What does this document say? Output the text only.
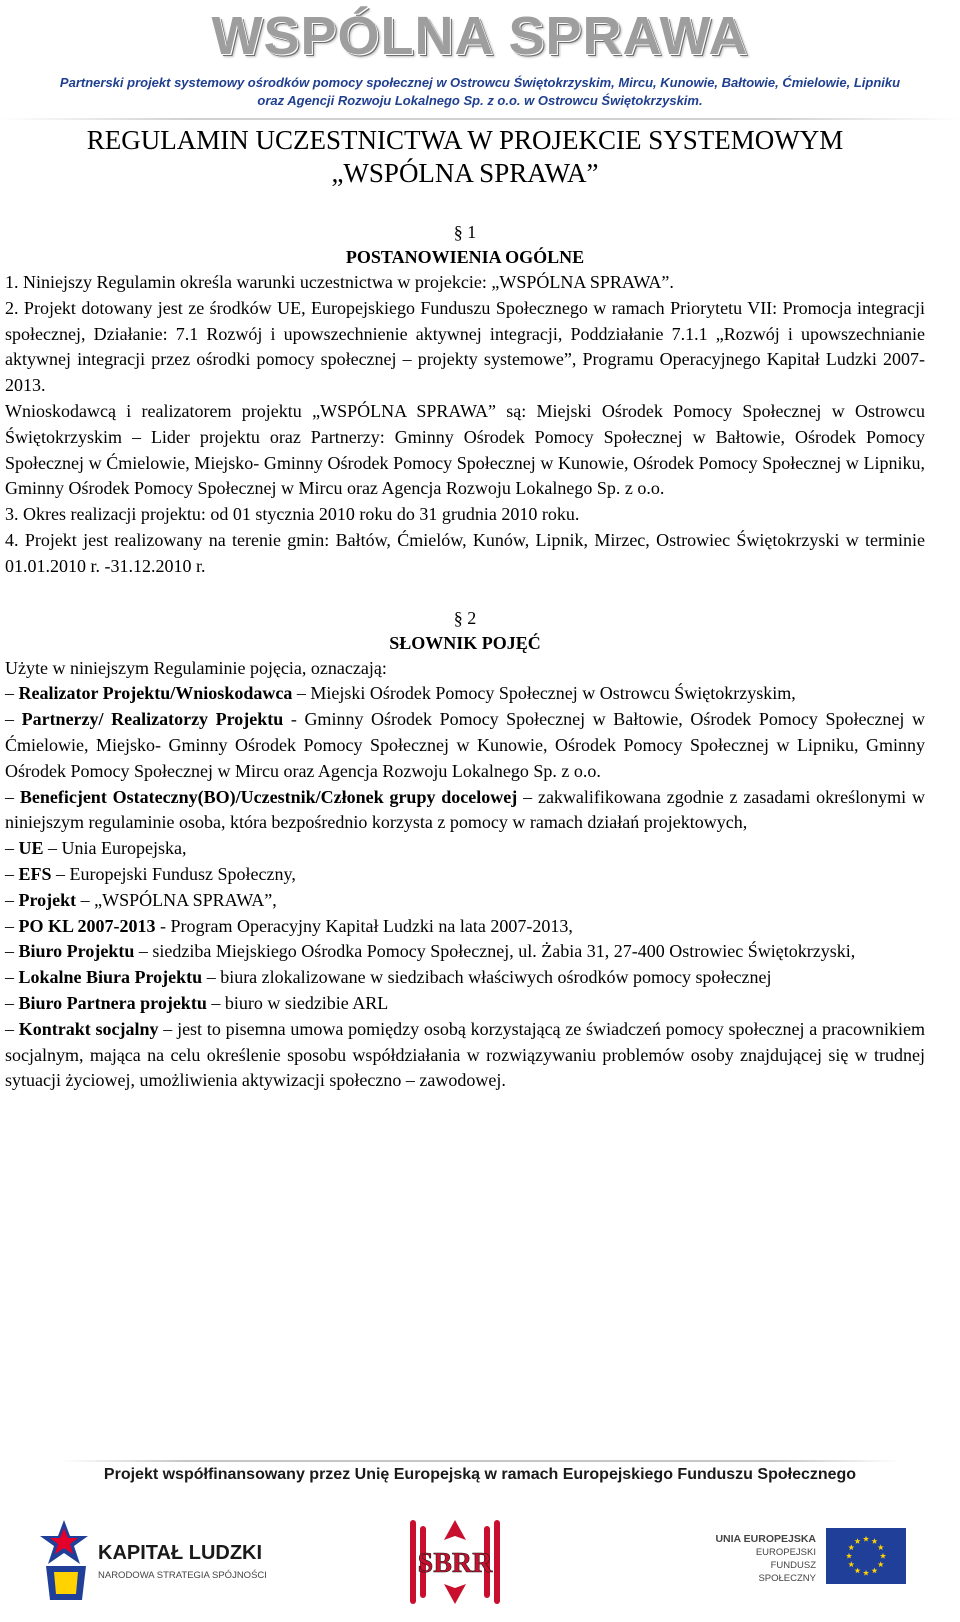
WSPÓLNA SPRAWA
Partnerski projekt systemowy ośrodków pomocy społecznej w Ostrowcu Świętokrzyskim, Mircu, Kunowie, Bałtowie, Ćmielowie, Lipniku
oraz Agencji Rozwoju Lokalnego Sp. z o.o. w Ostrowcu Świętokrzyskim.
REGULAMIN UCZESTNICTWA W PROJEKCIE SYSTEMOWYM
„WSPÓLNA SPRAWA”
§ 1
POSTANOWIENIA OGÓLNE

1. Niniejszy Regulamin określa warunki uczestnictwa w projekcie: „WSPÓLNA SPRAWA”.

2. Projekt dotowany jest ze środków UE, Europejskiego Funduszu Społecznego w ramach Priorytetu VII: Promocja integracji społecznej, Działanie: 7.1 Rozwój i upowszechnienie aktywnej integracji, Poddziałanie 7.1.1 „Rozwój i upowszechnianie aktywnej integracji przez ośrodki pomocy społecznej – projekty systemowe”, Programu Operacyjnego Kapitał Ludzki 2007-2013.

Wnioskodawcą i realizatorem projektu „WSPÓLNA SPRAWA” są: Miejski Ośrodek Pomocy Społecznej w Ostrowcu Świętokrzyskim – Lider projektu oraz Partnerzy: Gminny Ośrodek Pomocy Społecznej w Bałtowie, Ośrodek Pomocy Społecznej w Ćmielowie, Miejsko- Gminny Ośrodek Pomocy Społecznej w Kunowie, Ośrodek Pomocy Społecznej w Lipniku, Gminny Ośrodek Pomocy Społecznej w Mircu oraz Agencja Rozwoju Lokalnego Sp. z o.o.

3. Okres realizacji projektu: od 01 stycznia 2010 roku do 31 grudnia 2010 roku.

4. Projekt jest realizowany na terenie gmin: Bałtów, Ćmielów, Kunów, Lipnik, Mirzec, Ostrowiec Świętokrzyski w terminie 01.01.2010 r. -31.12.2010 r.

§ 2
SŁOWNIK POJĘĆ

Użyte w niniejszym Regulaminie pojęcia, oznaczają:

– Realizator Projektu/Wnioskodawca – Miejski Ośrodek Pomocy Społecznej w Ostrowcu Świętokrzyskim,

– Partnerzy/ Realizatorzy Projektu - Gminny Ośrodek Pomocy Społecznej w Bałtowie, Ośrodek Pomocy Społecznej w Ćmielowie, Miejsko- Gminny Ośrodek Pomocy Społecznej w Kunowie, Ośrodek Pomocy Społecznej w Lipniku, Gminny Ośrodek Pomocy Społecznej w Mircu oraz Agencja Rozwoju Lokalnego Sp. z o.o.

– Beneficjent Ostateczny(BO)/Uczestnik/Członek grupy docelowej – zakwalifikowana zgodnie z zasadami określonymi w niniejszym regulaminie osoba, która bezpośrednio korzysta z pomocy w ramach działań projektowych,

– UE – Unia Europejska,

– EFS – Europejski Fundusz Społeczny,

– Projekt – „WSPÓLNA SPRAWA”,

– PO KL 2007-2013 - Program Operacyjny Kapitał Ludzki na lata 2007-2013,

– Biuro Projektu – siedziba Miejskiego Ośrodka Pomocy Społecznej, ul. Żabia 31, 27-400 Ostrowiec Świętokrzyski,

– Lokalne Biura Projektu – biura zlokalizowane w siedzibach właściwych ośrodków pomocy społecznej

– Biuro Partnera projektu – biuro w siedzibie ARL

– Kontrakt socjalny – jest to pisemna umowa pomiędzy osobą korzystającą ze świadczeń pomocy społecznej a pracownikiem socjalnym, mająca na celu określenie sposobu współdziałania w rozwiązywaniu problemów osoby znajdującej się w trudnej sytuacji życiowej, umożliwienia aktywizacji społeczno – zawodowej.

Projekt współfinansowany przez Unię Europejską w ramach Europejskiego Funduszu Społecznego
KAPITAŁ LUDZKI
NARODOWA STRATEGIA SPÓJNOŚCI	SBRR
UNIA EUROPEJSKA
EUROPEJSKI
FUNDUSZ SPOŁECZNY
